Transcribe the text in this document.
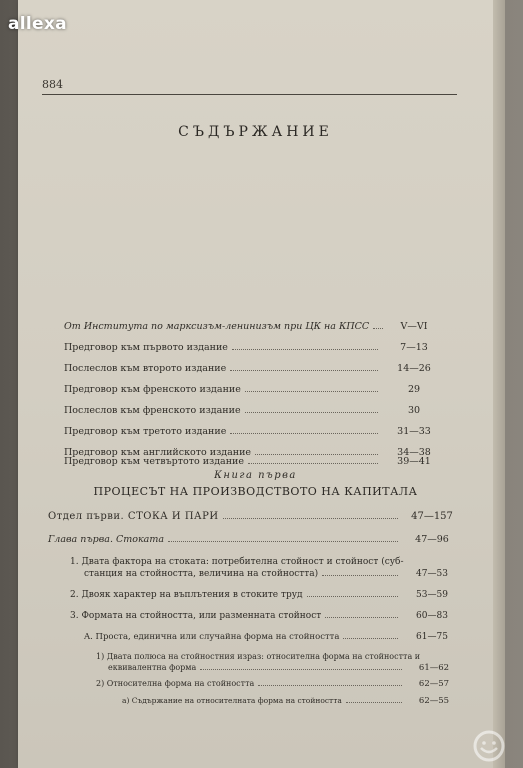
allexa
884
СЪДЪРЖАНИЕ
От Института по марксизъм-ленинизъм при ЦК на КПСС	V—VI
Предговор към първото издание	7—13
Послеслов към второто издание	14—26
Предговор към френското издание	29
Послеслов към френското издание	30
Предговор към третото издание	31—33
Предговор към английското издание	34—38
Книга първа
ПРОЦЕСЪТ НА ПРОИЗВОДСТВОТО НА КАПИТАЛА
Предговор към четвъртото издание	39—41
Отдел първи. СТОКА И ПАРИ	47—157
Глава първа. Стоката	47—96
1. Двата фактора на стоката: потребителна стойност и стойност (суб-
станция на стойността, величина на стойността)	47—53
2. Двояк характер на въплътения в стоките труд	53—59
3. Формата на стойността, или разменната стойност	60—83
A. Проста, единична или случайна форма на стойността	61—75
1) Двата полюса на стойностния израз: относителна форма на стойността и
еквивалентна форма	61—62
2) Относителна форма на стойността	62—57
a) Съдържание на относителната форма на стойността	62—55
